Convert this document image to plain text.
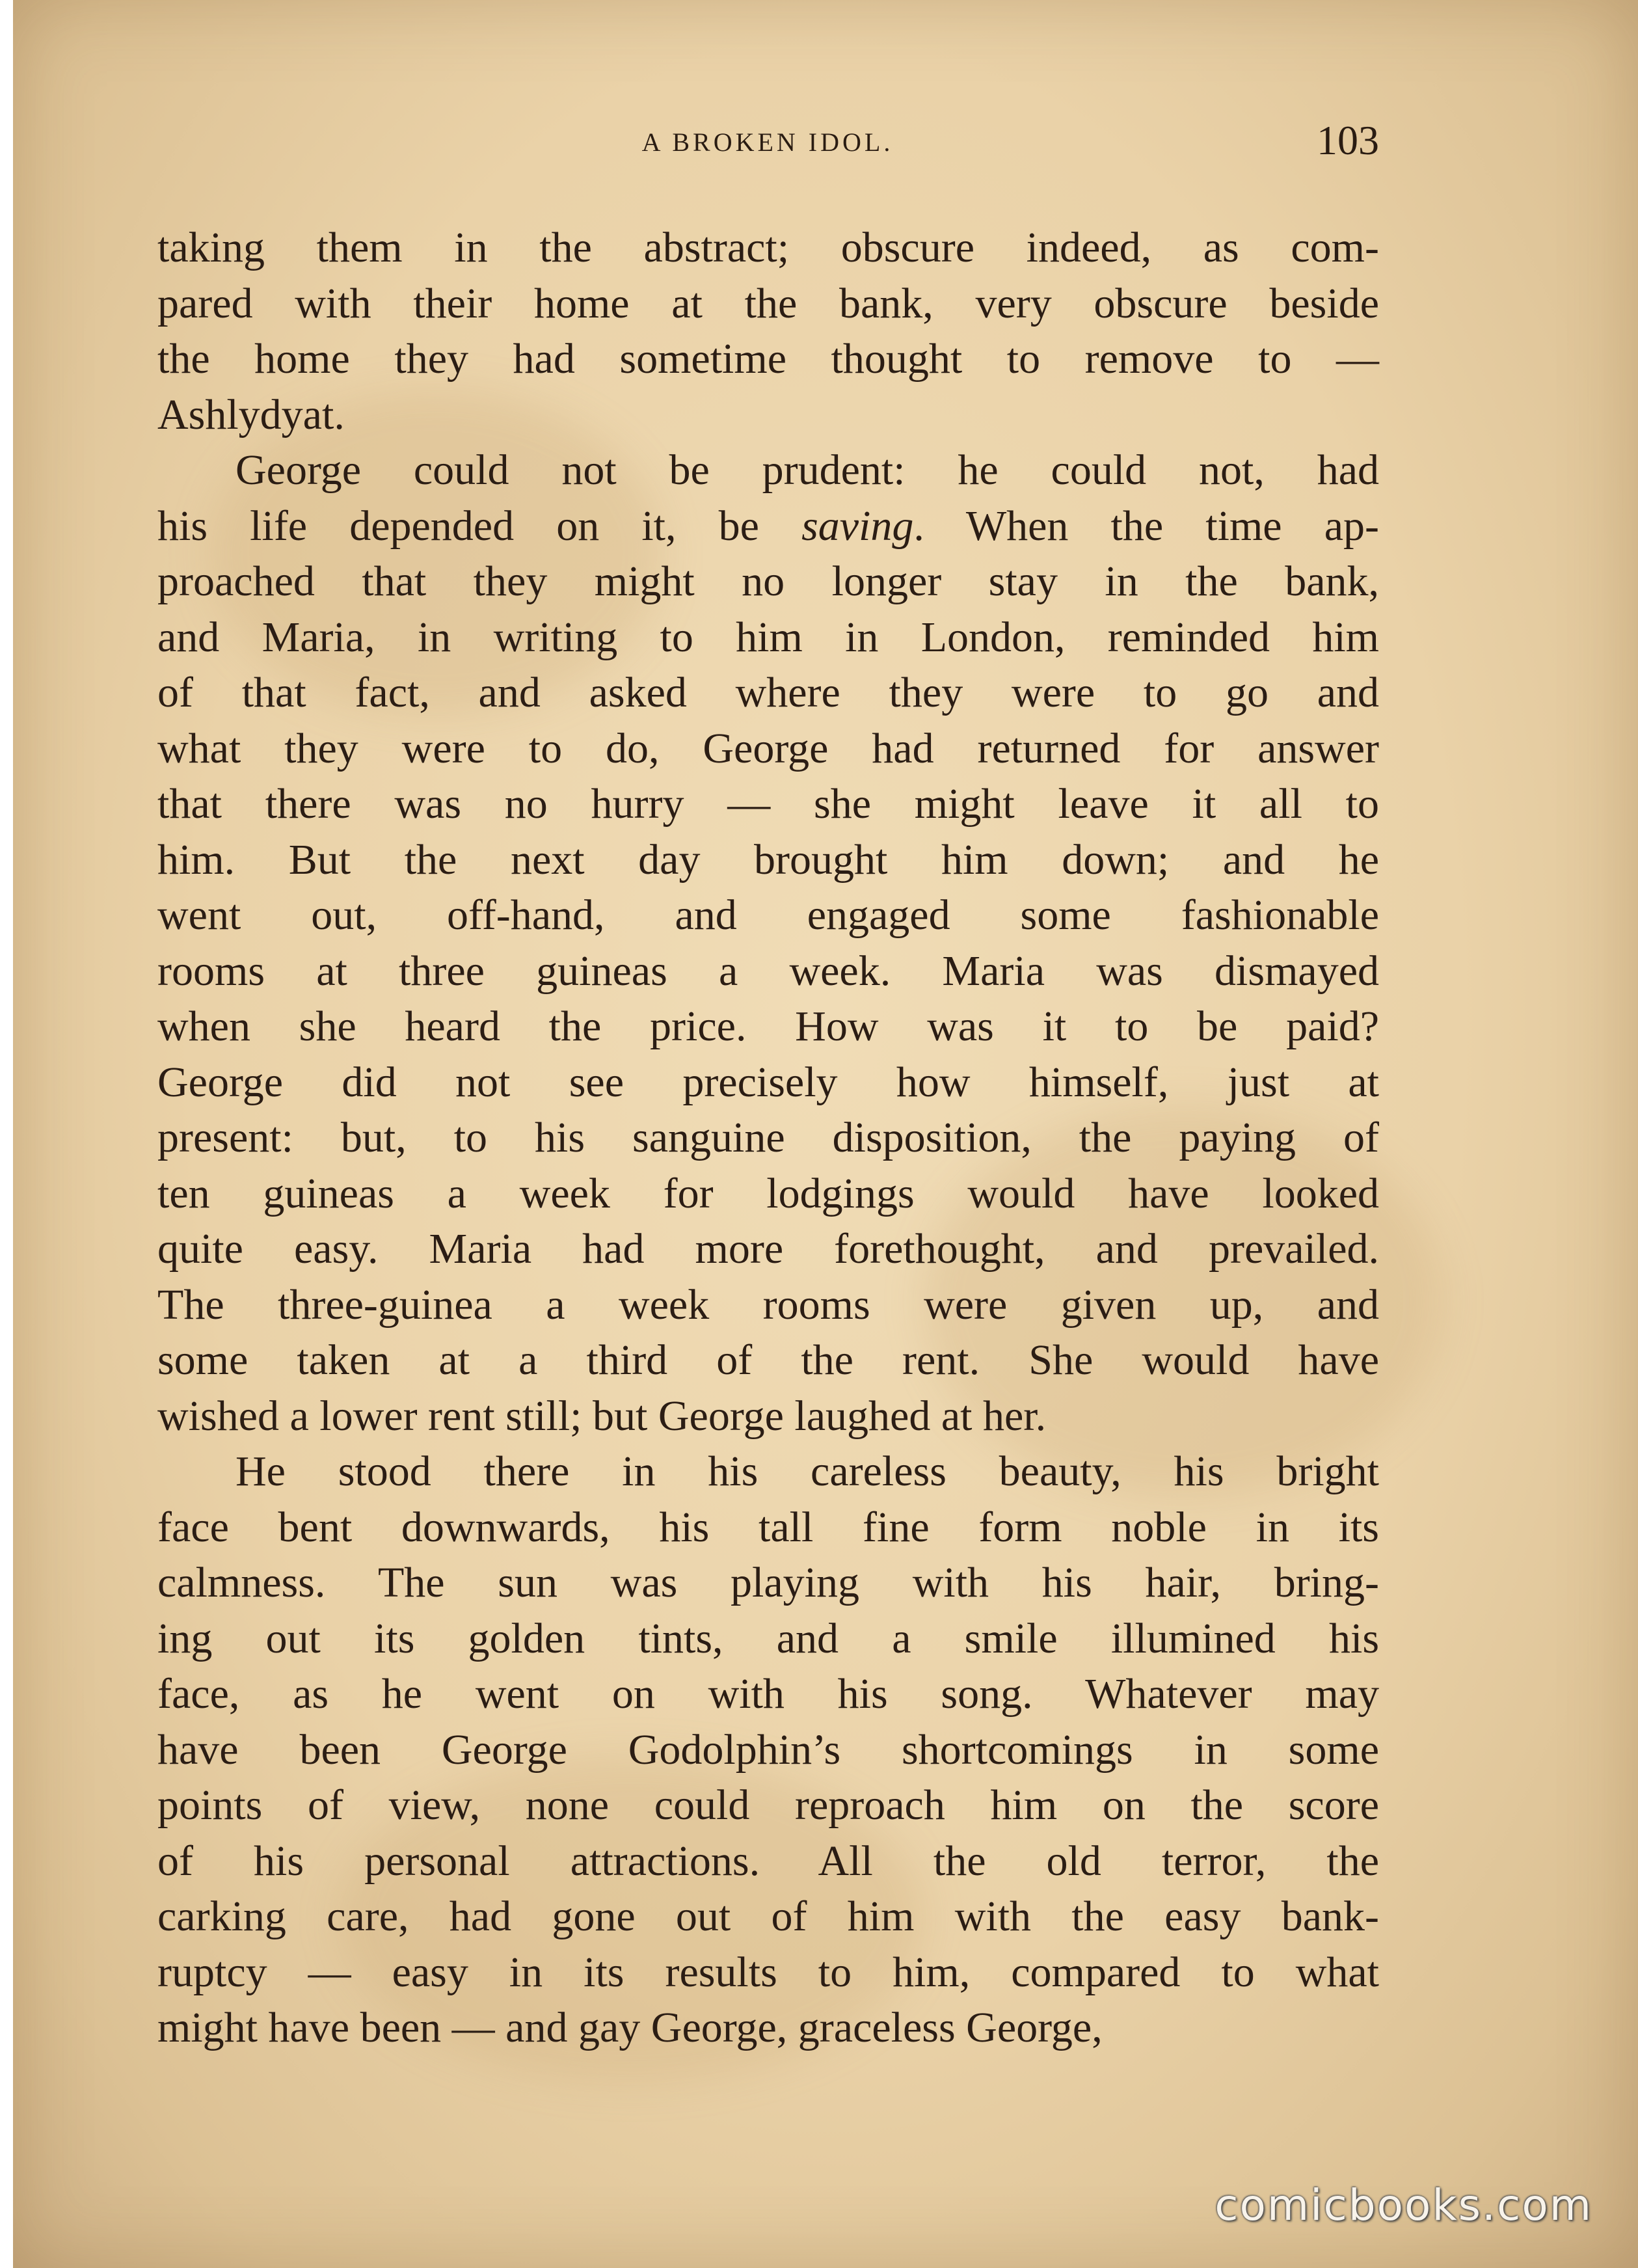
A BROKEN IDOL.	103
taking them in the abstract; obscure indeed, as com-
pared with their home at the bank, very obscure beside
the home they had sometime thought to remove to —
Ashlydyat.
George could not be prudent: he could not, had
his life depended on it, be saving. When the time ap-
proached that they might no longer stay in the bank,
and Maria, in writing to him in London, reminded him
of that fact, and asked where they were to go and
what they were to do, George had returned for answer
that there was no hurry — she might leave it all to
him. But the next day brought him down; and he
went out, off-hand, and engaged some fashionable
rooms at three guineas a week. Maria was dismayed
when she heard the price. How was it to be paid?
George did not see precisely how himself, just at
present: but, to his sanguine disposition, the paying of
ten guineas a week for lodgings would have looked
quite easy. Maria had more forethought, and prevailed.
The three-guinea a week rooms were given up, and
some taken at a third of the rent. She would have
wished a lower rent still; but George laughed at her.
He stood there in his careless beauty, his bright
face bent downwards, his tall fine form noble in its
calmness. The sun was playing with his hair, bring-
ing out its golden tints, and a smile illumined his
face, as he went on with his song. Whatever may
have been George Godolphin’s shortcomings in some
points of view, none could reproach him on the score
of his personal attractions. All the old terror, the
carking care, had gone out of him with the easy bank-
ruptcy — easy in its results to him, compared to what
might have been — and gay George, graceless George,
comicbooks.com
